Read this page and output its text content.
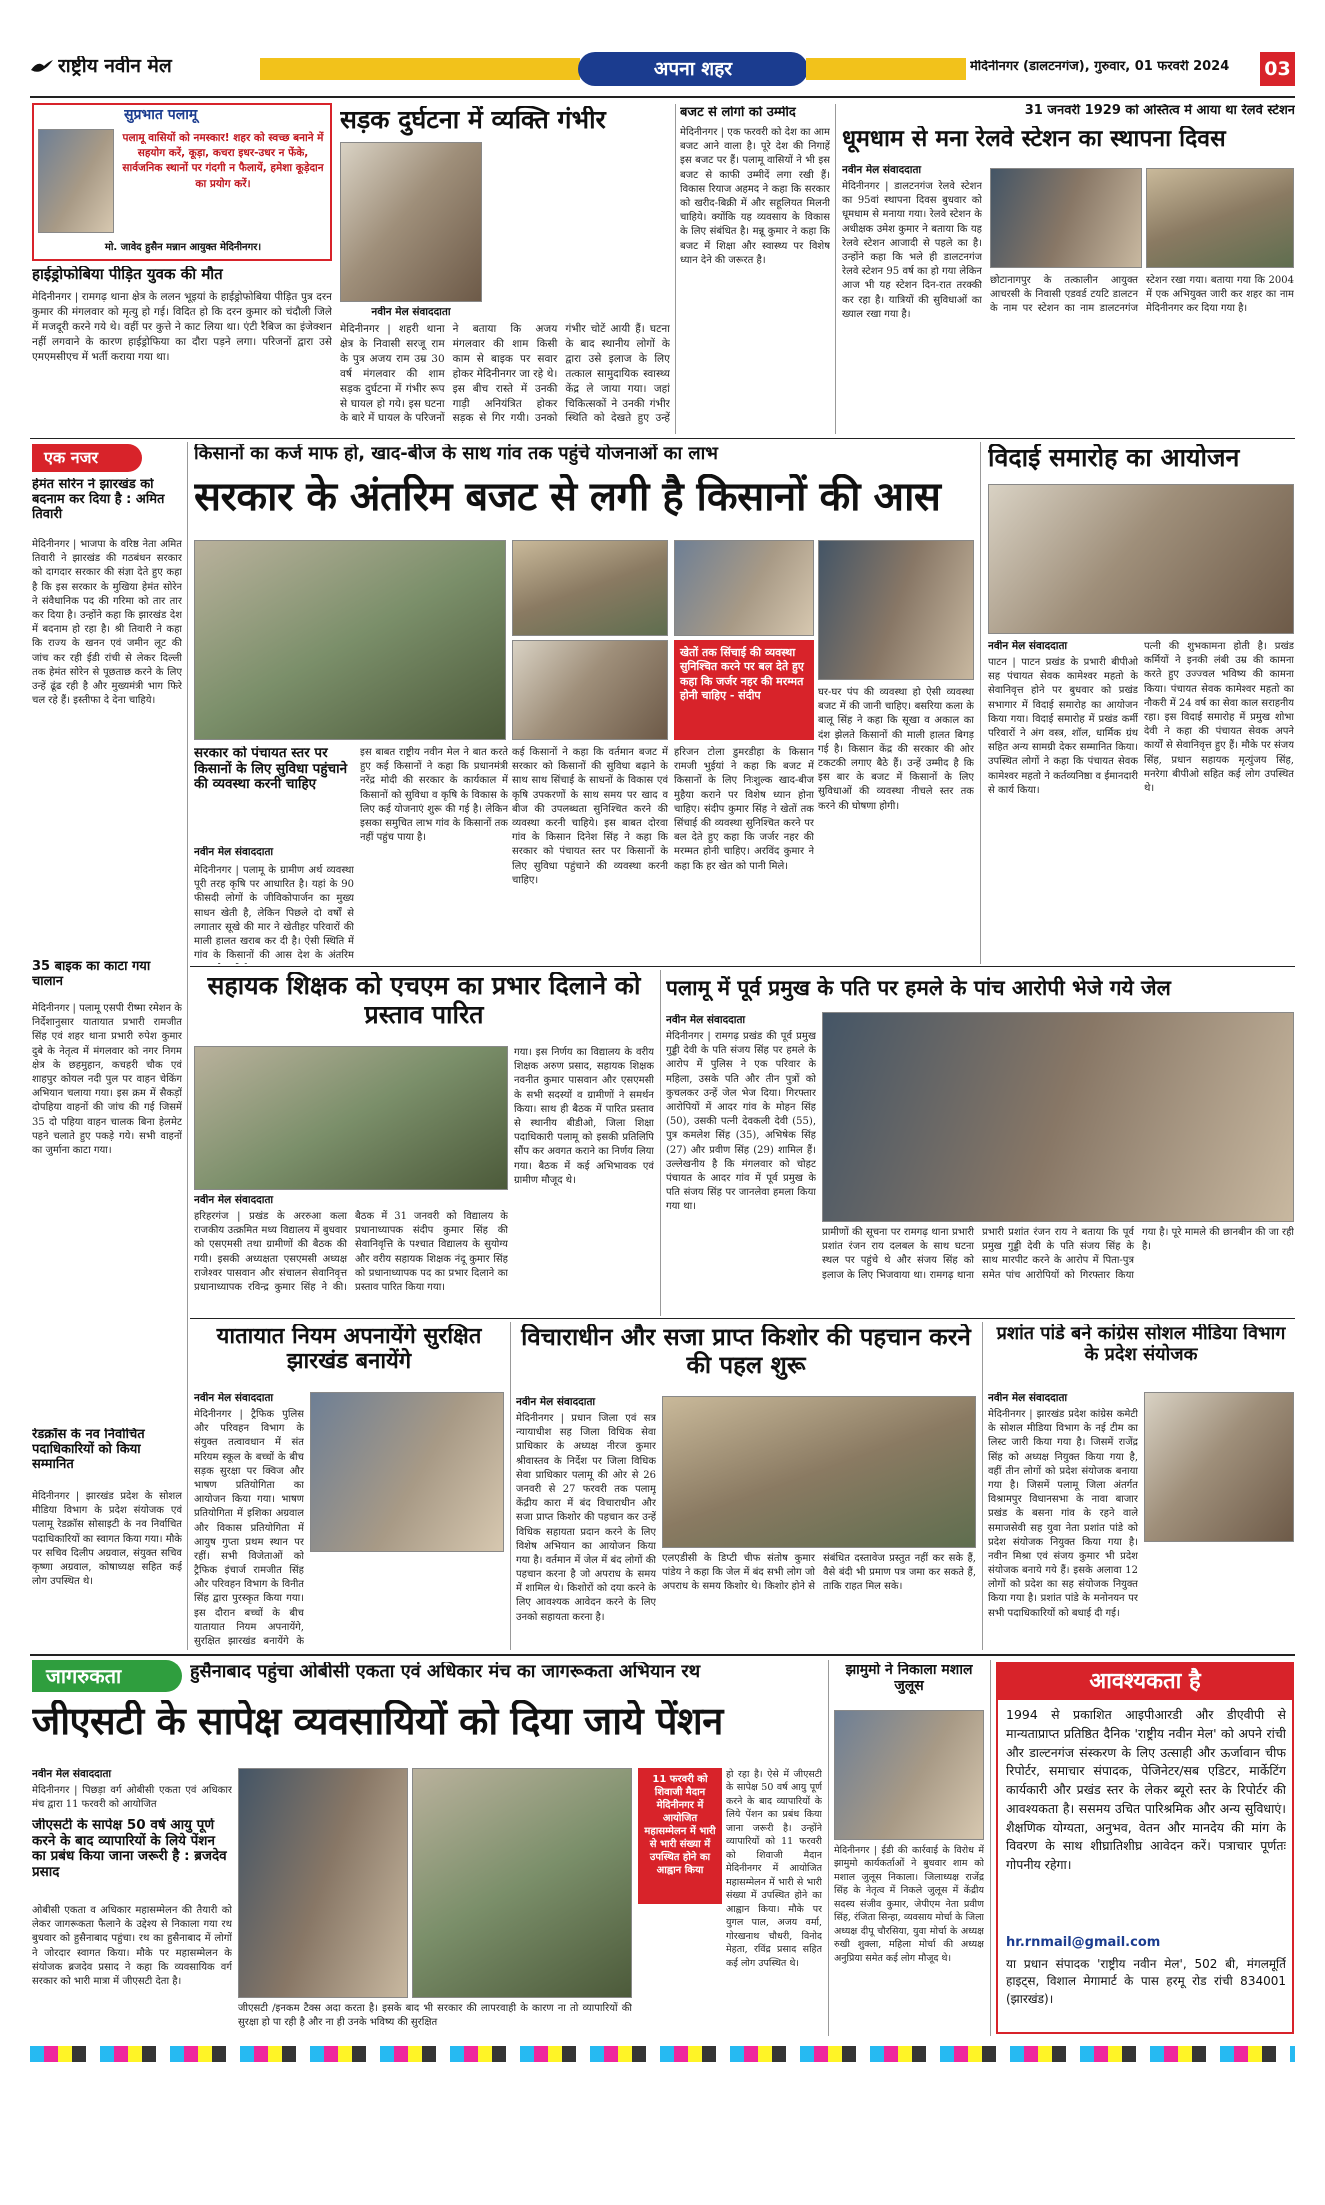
राष्ट्रीय नवीन मेल	अपना शहर	मेदिनीनगर (डालटनगंज), गुरुवार, 01 फरवरी 2024	03
सुप्रभात पलामू
पलामू वासियों को नमस्कार! शहर को स्वच्छ बनाने में सहयोग करें, कूड़ा, कचरा इधर-उधर न फेंके, सार्वजनिक स्थानों पर गंदगी न फैलायें, हमेशा कूड़ेदान का प्रयोग करें।
मो. जावेद हुसैन मन्नान आयुक्त मेदिनीनगर।
हाईड्रोफोबिया पीड़ित युवक की मौत
मेदिनीनगर | रामगढ़ थाना क्षेत्र के ललन भूइयां के हाईड्रोफोबिया पीड़ित पुत्र दरन कुमार की मंगलवार को मृत्यु हो गई। विदित हो कि दरन कुमार को चंदौली जिले में मजदूरी करने गये थे। वहीं पर कुत्ते ने काट लिया था। एंटी रैबिज का इंजेक्शन नहीं लगवाने के कारण हाईड्रोफिया का दौरा पड़ने लगा। परिजनों द्वारा उसे एमएमसीएच में भर्ती कराया गया था।
सड़क दुर्घटना में व्यक्ति गंभीर
नवीन मेल संवाददाता
मेदिनीनगर | शहरी थाना क्षेत्र के निवासी सरजू राम के पुत्र अजय राम उम्र 30 वर्ष मंगलवार की शाम सड़क दुर्घटना में गंभीर रूप से घायल हो गये। इस घटना के बारे में घायल के परिजनों ने बताया कि अजय मंगलवार की शाम किसी काम से बाइक पर सवार होकर मेदिनीनगर जा रहे थे। इस बीच रास्ते में उनकी गाड़ी अनियंत्रित होकर सड़क से गिर गयी। उनको गंभीर चोटें आयी हैं। घटना के बाद स्थानीय लोगों के द्वारा उसे इलाज के लिए तत्काल सामुदायिक स्वास्थ्य केंद्र ले जाया गया। जहां चिकित्सकों ने उनकी गंभीर स्थिति को देखते हुए उन्हें
बजट से लोगों को उम्मीद
मेदिनीनगर | एक फरवरी को देश का आम बजट आने वाला है। पूरे देश की निगाहें इस बजट पर हैं। पलामू वासियों ने भी इस बजट से काफी उम्मीदें लगा रखी हैं। विकास रियाज अहमद ने कहा कि सरकार को खरीद-बिक्री में और सहूलियत मिलनी चाहिये। क्योंकि यह व्यवसाय के विकास के लिए संबंधित है। मन्नू कुमार ने कहा कि बजट में शिक्षा और स्वास्थ्य पर विशेष ध्यान देने की जरूरत है।
31 जनवरी 1929 को अस्तित्व में आया था रेलवे स्टेशन
धूमधाम से मना रेलवे स्टेशन का स्थापना दिवस
नवीन मेल संवाददाता
मेदिनीनगर | डालटनगंज रेलवे स्टेशन का 95वां स्थापना दिवस बुधवार को धूमधाम से मनाया गया। रेलवे स्टेशन के अधीक्षक उमेश कुमार ने बताया कि यह रेलवे स्टेशन आजादी से पहले का है। उन्होंने कहा कि भले ही डालटनगंज रेलवे स्टेशन 95 वर्ष का हो गया लेकिन आज भी यह स्टेशन दिन-रात तरक्की कर रहा है। यात्रियों की सुविधाओं का ख्याल रखा गया है।
छोटानागपुर के तत्कालीन आयुक्त आचरसी के निवासी एडवर्ड टयटि डालटन के नाम पर स्टेशन का नाम डालटनगंज स्टेशन रखा गया। बताया गया कि 2004 में एक अभियुक्त जारी कर शहर का नाम मेदिनीनगर कर दिया गया है।
एक नजर
हेमंत सोरेन ने झारखंड को बदनाम कर दिया है : अमित तिवारी
मेदिनीनगर | भाजपा के वरिष्ठ नेता अमित तिवारी ने झारखंड की गठबंधन सरकार को दागदार सरकार की संज्ञा देते हुए कहा है कि इस सरकार के मुखिया हेमंत सोरेन ने संवैधानिक पद की गरिमा को तार तार कर दिया है। उन्होंने कहा कि झारखंड देश में बदनाम हो रहा है। श्री तिवारी ने कहा कि राज्य के खनन एवं जमीन लूट की जांच कर रही ईडी रांची से लेकर दिल्ली तक हेमंत सोरेन से पूछताछ करने के लिए उन्हें ढूंढ रही है और मुख्यमंत्री भाग फिरे चल रहे हैं। इस्तीफा दे देना चाहिये।
35 बाइक का काटा गया चालान
मेदिनीनगर | पलामू एसपी रीष्मा रमेशन के निर्देशानुसार यातायात प्रभारी रामजीत सिंह एवं शहर थाना प्रभारी रुपेश कुमार दुबे के नेतृत्व में मंगलवार को नगर निगम क्षेत्र के छहमुहान, कचहरी चौक एवं शाहपुर कोयल नदी पुल पर वाहन चेकिंग अभियान चलाया गया। इस क्रम में सैकड़ों दोपहिया वाहनों की जांच की गई जिसमें 35 दो पहिया वाहन चालक बिना हेलमेट पहने चलाते हुए पकड़े गये। सभी वाहनों का जुर्माना काटा गया।
रेडक्रॉस के नव निर्वाचित पदाधिकारियों को किया सम्मानित
मेदिनीनगर | झारखंड प्रदेश के सोशल मीडिया विभाग के प्रदेश संयोजक एवं पलामू रेडक्रॉस सोसाइटी के नव निर्वाचित पदाधिकारियों का स्वागत किया गया। मौके पर सचिव दिलीप अग्रवाल, संयुक्त सचिव कृष्णा अग्रवाल, कोषाध्यक्ष सहित कई लोग उपस्थित थे।
किसानों का कर्ज माफ हो, खाद-बीज के साथ गांव तक पहुंचे योजनाओं का लाभ
सरकार के अंतरिम बजट से लगी है किसानों की आस
खेतों तक सिंचाई की व्यवस्था सुनिश्चित करने पर बल देते हुए कहा कि जर्जर नहर की मरम्मत होनी चाहिए - संदीप
सरकार को पंचायत स्तर पर किसानों के लिए सुविधा पहुंचाने की व्यवस्था करनी चाहिए
नवीन मेल संवाददाता
मेदिनीनगर | पलामू के ग्रामीण अर्थ व्यवस्था पूरी तरह कृषि पर आधारित है। यहां के 90 फीसदी लोगों के जीविकोपार्जन का मुख्य साधन खेती है, लेकिन पिछले दो वर्षों से लगातार सूखे की मार ने खेतीहर परिवारों की माली हालत खराब कर दी है। ऐसी स्थिति में गांव के किसानों की आस देश के अंतरिम
इस बाबत राष्ट्रीय नवीन मेल ने बात करते हुए कई किसानों ने कहा कि प्रधानमंत्री नरेंद्र मोदी की सरकार के कार्यकाल में किसानों को सुविधा व कृषि के विकास के लिए कई योजनाएं शुरू की गई है। लेकिन इसका समुचित लाभ गांव के किसानों तक नहीं पहुंच पाया है।
कई किसानों ने कहा कि वर्तमान बजट में सरकार को किसानों की सुविधा बढ़ाने के साथ साथ सिंचाई के साधनों के विकास एवं कृषि उपकरणों के साथ समय पर खाद व बीज की उपलब्धता सुनिश्चित करने की व्यवस्था करनी चाहिये। इस बाबत दोरवा गांव के किसान दिनेश सिंह ने कहा कि सरकार को पंचायत स्तर पर किसानों के लिए सुविधा पहुंचाने की व्यवस्था करनी चाहिए।
हरिजन टोला डुमरडीहा के किसान रामजी भुईयां ने कहा कि बजट में किसानों के लिए निःशुल्क खाद-बीज मुहैया कराने पर विशेष ध्यान होना चाहिए। संदीप कुमार सिंह ने खेतों तक सिंचाई की व्यवस्था सुनिश्चित करने पर बल देते हुए कहा कि जर्जर नहर की मरम्मत होनी चाहिए। अरविंद कुमार ने कहा कि हर खेत को पानी मिले।
घर-घर पंप की व्यवस्था हो ऐसी व्यवस्था बजट में की जानी चाहिए। बसरिया कला के बालू सिंह ने कहा कि सूखा व अकाल का दंश झेलते किसानों की माली हालत बिगड़ गई है। किसान केंद्र की सरकार की ओर टकटकी लगाए बैठे हैं। उन्हें उम्मीद है कि इस बार के बजट में किसानों के लिए सुविधाओं की व्यवस्था नीचले स्तर तक करने की घोषणा होगी।
विदाई समारोह का आयोजन
नवीन मेल संवाददाता
पाटन | पाटन प्रखंड के प्रभारी बीपीओ सह पंचायत सेवक कामेश्वर महतो के सेवानिवृत्त होने पर बुधवार को प्रखंड सभागार में विदाई समारोह का आयोजन किया गया। विदाई समारोह में प्रखंड कर्मी परिवारों ने अंग वस्त्र, शॉल, धार्मिक ग्रंथ सहित अन्य सामग्री देकर सम्मानित किया। उपस्थित लोगों ने कहा कि पंचायत सेवक कामेश्वर महतो ने कर्तव्यनिष्ठा व ईमानदारी से कार्य किया।
पत्नी की शुभकामना होती है। प्रखंड कर्मियों ने इनकी लंबी उम्र की कामना करते हुए उज्ज्वल भविष्य की कामना किया। पंचायत सेवक कामेश्वर महतो का नौकरी में 24 वर्ष का सेवा काल सराहनीय रहा। इस विदाई समारोह में प्रमुख शोभा देवी ने कहा की पंचायत सेवक अपने कार्यों से सेवानिवृत्त हुए हैं। मौके पर संजय सिंह, प्रधान सहायक मृत्युंजय सिंह, मनरेगा बीपीओ सहित कई लोग उपस्थित थे।
सहायक शिक्षक को एचएम का प्रभार दिलाने को प्रस्ताव पारित
नवीन मेल संवाददाता
हरिहरगंज | प्रखंड के अररुआ कला राजकीय उत्क्रमित मध्य विद्यालय में बुधवार को एसएमसी तथा ग्रामीणों की बैठक की गयी। इसकी अध्यक्षता एसएमसी अध्यक्ष राजेश्वर पासवान और संचालन सेवानिवृत्त प्रधानाध्यापक रविन्द्र कुमार सिंह ने की। बैठक में 31 जनवरी को विद्यालय के प्रधानाध्यापक संदीप कुमार सिंह की सेवानिवृत्ति के पश्चात विद्यालय के सुयोग्य और वरीय सहायक शिक्षक नंदू कुमार सिंह को प्रधानाध्यापक पद का प्रभार दिलाने का प्रस्ताव पारित किया गया।
गया। इस निर्णय का विद्यालय के वरीय शिक्षक अरुण प्रसाद, सहायक शिक्षक नवनीत कुमार पासवान और एसएमसी के सभी सदस्यों व ग्रामीणों ने समर्थन किया। साथ ही बैठक में पारित प्रस्ताव से स्थानीय बीडीओ, जिला शिक्षा पदाधिकारी पलामू को इसकी प्रतिलिपि सौंप कर अवगत कराने का निर्णय लिया गया। बैठक में कई अभिभावक एवं ग्रामीण मौजूद थे।
पलामू में पूर्व प्रमुख के पति पर हमले के पांच आरोपी भेजे गये जेल
नवीन मेल संवाददाता
मेदिनीनगर | रामगढ़ प्रखंड की पूर्व प्रमुख गुड्डी देवी के पति संजय सिंह पर हमले के आरोप में पुलिस ने एक परिवार के महिला, उसके पति और तीन पुत्रों को कुचलकर उन्हें जेल भेज दिया। गिरफ्तार आरोपियों में आदर गांव के मोहन सिंह (50), उसकी पत्नी देवकली देवी (55), पुत्र कमलेश सिंह (35), अभिषेक सिंह (27) और प्रवीण सिंह (29) शामिल हैं। उल्लेखनीय है कि मंगलवार को चोहट पंचायत के आदर गांव में पूर्व प्रमुख के पति संजय सिंह पर जानलेवा हमला किया गया था।
प्रामीणों की सूचना पर रामगढ़ थाना प्रभारी प्रशांत रंजन राय दलबल के साथ घटना स्थल पर पहुंचे थे और संजय सिंह को इलाज के लिए भिजवाया था। रामगढ़ थाना प्रभारी प्रशांत रंजन राय ने बताया कि पूर्व प्रमुख गुड्डी देवी के पति संजय सिंह के साथ मारपीट करने के आरोप में पिता-पुत्र समेत पांच आरोपियों को गिरफ्तार किया गया है। पूरे मामले की छानबीन की जा रही है।
यातायात नियम अपनायेंगे सुरक्षित झारखंड बनायेंगे
नवीन मेल संवाददाता
मेदिनीनगर | ट्रैफिक पुलिस और परिवहन विभाग के संयुक्त तत्वावधान में संत मरियम स्कूल के बच्चों के बीच सड़क सुरक्षा पर क्विज और भाषण प्रतियोगिता का आयोजन किया गया। भाषण प्रतियोगिता में इशिका अग्रवाल और विकास प्रतियोगिता में आयुष गुप्ता प्रथम स्थान पर रहीं। सभी विजेताओं को ट्रैफिक इंचार्ज रामजीत सिंह और परिवहन विभाग के विनीत सिंह द्वारा पुरस्कृत किया गया। इस दौरान बच्चों के बीच यातायात नियम अपनायेंगे, सुरक्षित झारखंड बनायेंगे के
विचाराधीन और सजा प्राप्त किशोर की पहचान करने की पहल शुरू
नवीन मेल संवाददाता
मेदिनीनगर | प्रधान जिला एवं सत्र न्यायाधीश सह जिला विधिक सेवा प्राधिकार के अध्यक्ष नीरज कुमार श्रीवास्तव के निर्देश पर जिला विधिक सेवा प्राधिकार पलामू की ओर से 26 जनवरी से 27 फरवरी तक पलामू केंद्रीय कारा में बंद विचाराधीन और सजा प्राप्त किशोर की पहचान कर उन्हें विधिक सहायता प्रदान करने के लिए विशेष अभियान का आयोजन किया गया है। वर्तमान में जेल में बंद लोगों की पहचान करना है जो अपराध के समय में शामिल थे। किशोरों को दया करने के लिए आवश्यक आवेदन करने के लिए उनको सहायता करना है।
एलएडीसी के डिप्टी चीफ संतोष कुमार पांडेय ने कहा कि जेल में बंद सभी लोग जो अपराध के समय किशोर थे। किशोर होने से संबंधित दस्तावेज प्रस्तुत नहीं कर सके हैं, वैसे बंदी भी प्रमाण पत्र जमा कर सकते हैं, ताकि राहत मिल सके।
प्रशांत पांडे बने कांग्रेस सोशल मीडिया विभाग के प्रदेश संयोजक
नवीन मेल संवाददाता
मेदिनीनगर | झारखंड प्रदेश कांग्रेस कमेटी के सोशल मीडिया विभाग के नई टीम का लिस्ट जारी किया गया है। जिसमें राजेंद्र सिंह को अध्यक्ष नियुक्त किया गया है, वहीं तीन लोगों को प्रदेश संयोजक बनाया गया है। जिसमें पलामू जिला अंतर्गत विश्रामपुर विधानसभा के नावा बाजार प्रखंड के बसना गांव के रहने वाले समाजसेवी सह युवा नेता प्रशांत पांडे को प्रदेश संयोजक नियुक्त किया गया है। नवीन मिश्रा एवं संजय कुमार भी प्रदेश संयोजक बनाये गये हैं। इसके अलावा 12 लोगों को प्रदेश का सह संयोजक नियुक्त किया गया है। प्रशांत पांडे के मनोनयन पर सभी पदाधिकारियों को बधाई दी गई।
जागरुकता	हुसैनाबाद पहुंचा ओबीसी एकता एवं अधिकार मंच का जागरूकता अभियान रथ
जीएसटी के सापेक्ष व्यवसायियों को दिया जाये पेंशन
नवीन मेल संवाददाता
मेदिनीनगर | पिछड़ा वर्ग ओबीसी एकता एवं अधिकार मंच द्वारा 11 फरवरी को आयोजित
जीएसटी के सापेक्ष 50 वर्ष आयु पूर्ण करने के बाद व्यापारियों के लिये पेंशन का प्रबंध किया जाना जरूरी है : ब्रजदेव प्रसाद
ओबीसी एकता व अधिकार महासम्मेलन की तैयारी को लेकर जागरूकता फैलाने के उद्देश्य से निकाला गया रथ बुधवार को हुसैनाबाद पहुंचा। रथ का हुसैनाबाद में लोगों ने जोरदार स्वागत किया। मौके पर महासम्मेलन के संयोजक ब्रजदेव प्रसाद ने कहा कि व्यवसायिक वर्ग सरकार को भारी मात्रा में जीएसटी देता है।
जीएसटी /इनकम टैक्स अदा करता है। इसके बाद भी सरकार की लापरवाही के कारण ना तो व्यापारियों की सुरक्षा हो पा रही है और ना ही उनके भविष्य की सुरक्षित
11 फरवरी को शिवाजी मैदान मेदिनीनगर में आयोजित महासम्मेलन में भारी से भारी संख्या में उपस्थित होने का आह्वान किया
हो रहा है। ऐसे में जीएसटी के सापेक्ष 50 वर्ष आयु पूर्ण करने के बाद व्यापारियों के लिये पेंशन का प्रबंध किया जाना जरूरी है। उन्होंने व्यापारियों को 11 फरवरी को शिवाजी मैदान मेदिनीनगर में आयोजित महासम्मेलन में भारी से भारी संख्या में उपस्थित होने का आह्वान किया। मौके पर युगल पाल, अजय वर्मा, गोरखनाथ चौधरी, विनोद मेहता, रविंद्र प्रसाद सहित कई लोग उपस्थित थे।
झामुमो ने निकाला मशाल जुलूस
मेदिनीनगर | ईडी की कार्रवाई के विरोध में झामुमो कार्यकर्ताओं ने बुधवार शाम को मशाल जुलूस निकाला। जिलाध्यक्ष राजेंद्र सिंह के नेतृत्व में निकले जुलूस में केंद्रीय सदस्य संजीव कुमार, जेपीएम नेता प्रवीण सिंह, रंजिता सिन्हा, व्यवसाय मोर्चा के जिला अध्यक्ष दीपू चौरसिया, युवा मोर्चा के अध्यक्ष रुखी शुक्ला, महिला मोर्चा की अध्यक्ष अनुप्रिया समेत कई लोग मौजूद थे।
आवश्यकता है
1994 से प्रकाशित आइपीआरडी और डीएवीपी से मान्यताप्राप्त प्रतिष्ठित दैनिक 'राष्ट्रीय नवीन मेल' को अपने रांची और डाल्टनगंज संस्करण के लिए उत्साही और ऊर्जावान चीफ रिपोर्टर, समाचार संपादक, पेजिनेटर/सब एडिटर, मार्केटिंग कार्यकारी और प्रखंड स्तर के लेकर ब्यूरो स्तर के रिपोर्टर की आवश्यकता है। ससमय उचित पारिश्रमिक और अन्य सुविधाएं। शैक्षणिक योग्यता, अनुभव, वेतन और मानदेय की मांग के विवरण के साथ शीघ्रातिशीघ्र आवेदन करें। पत्राचार पूर्णतः गोपनीय रहेगा।
hr.rnmail@gmail.com
या प्रधान संपादक 'राष्ट्रीय नवीन मेल', 502 बी, मंगलमूर्ति हाइट्स, विशाल मेगामार्ट के पास हरमू रोड रांची 834001 (झारखंड)।
